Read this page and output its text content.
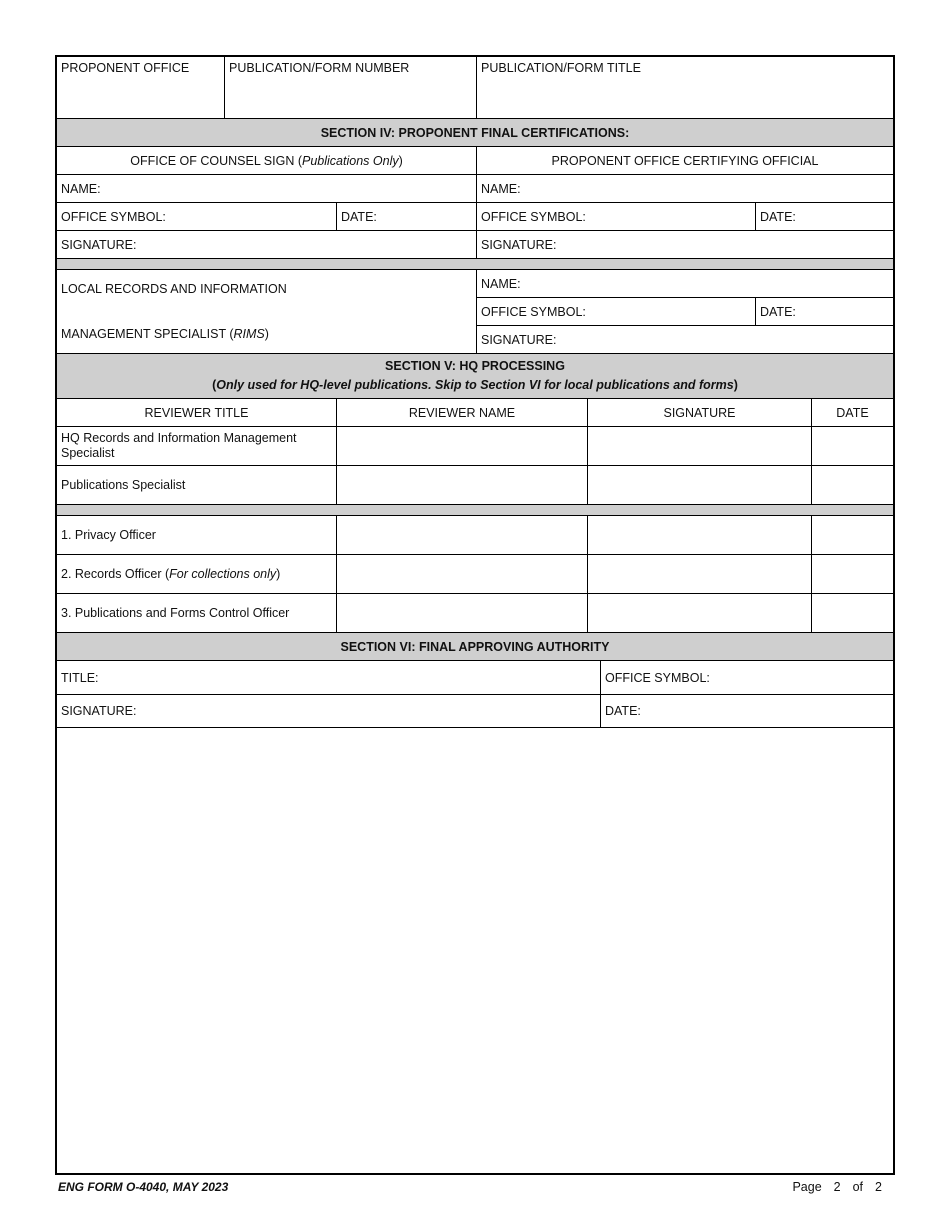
PROPONENT OFFICE	PUBLICATION/FORM NUMBER	PUBLICATION/FORM TITLE
SECTION IV: PROPONENT FINAL CERTIFICATIONS:
OFFICE OF COUNSEL SIGN (Publications Only)	PROPONENT OFFICE CERTIFYING OFFICIAL
NAME:	NAME:
OFFICE SYMBOL:	DATE:	OFFICE SYMBOL:	DATE:
SIGNATURE:	SIGNATURE:

LOCAL RECORDS AND INFORMATION

MANAGEMENT SPECIALIST (RIMS)

NAME:
OFFICE SYMBOL:	DATE:
SIGNATURE:
SECTION V: HQ PROCESSING
(Only used for HQ-level publications. Skip to Section VI for local publications and forms)
REVIEWER TITLE	REVIEWER NAME	SIGNATURE	DATE
HQ Records and Information Management
Specialist
Publications Specialist
1. Privacy Officer
2. Records Officer (For collections only)
3. Publications and Forms Control Officer
SECTION VI: FINAL APPROVING AUTHORITY
TITLE:	OFFICE SYMBOL:
SIGNATURE:	DATE:
ENG FORM O-4040, MAY 2023	Page 2 of 2
